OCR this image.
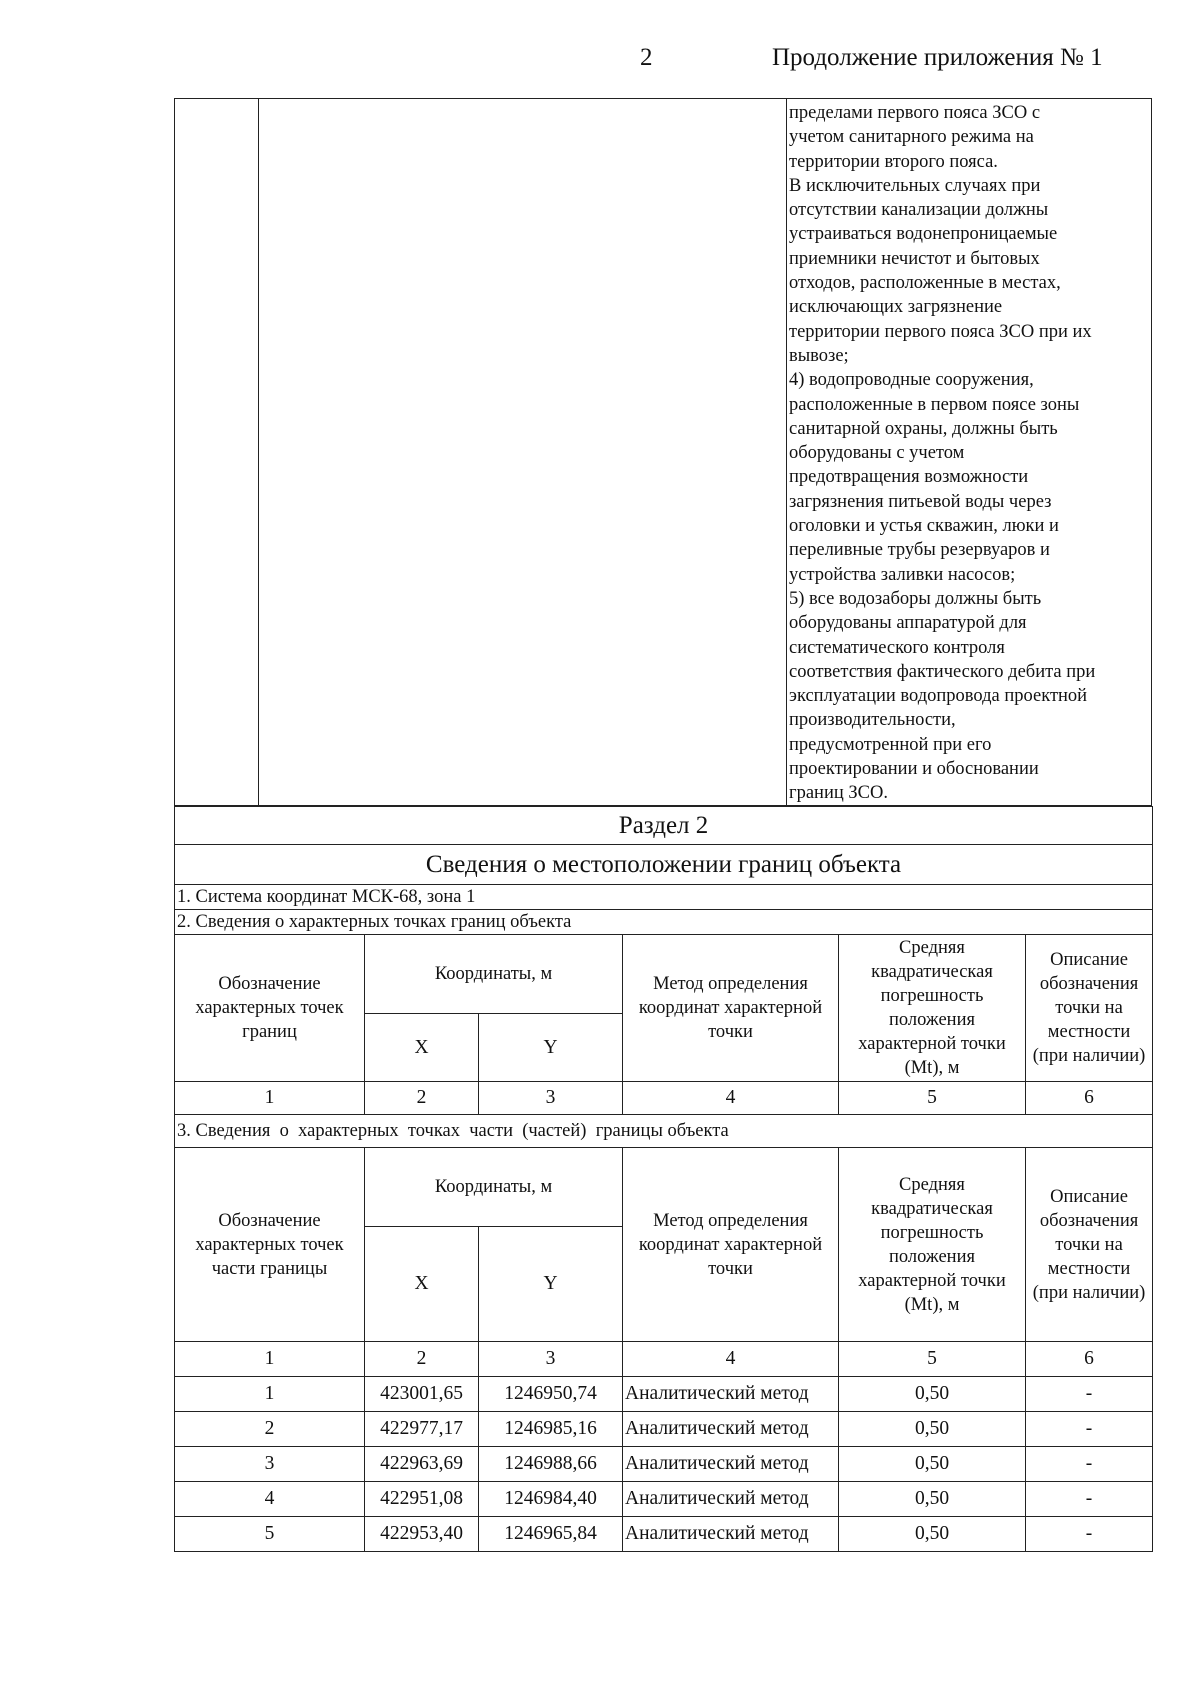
2	Продолжение приложения № 1
пределами первого пояса ЗСО с
учетом санитарного режима на
территории второго пояса.
В исключительных случаях при
отсутствии канализации должны
устраиваться водонепроницаемые
приемники нечистот и бытовых
отходов, расположенные в местах,
исключающих загрязнение
территории первого пояса ЗСО при их
вывозе;
4) водопроводные сооружения,
расположенные в первом поясе зоны
санитарной охраны, должны быть
оборудованы с учетом
предотвращения возможности
загрязнения питьевой воды через
оголовки и устья скважин, люки и
переливные трубы резервуаров и
устройства заливки насосов;
5) все водозаборы должны быть
оборудованы аппаратурой для
систематического контроля
соответствия фактического дебита при
эксплуатации водопровода проектной
производительности,
предусмотренной при его
проектировании и обосновании
границ ЗСО.
Раздел 2					
Сведения о местоположении границ объекта					
1. Система координат МСК-68, зона 1					
2. Сведения о характерных точках границ объекта					
Обозначение характерных точек границ	Координаты, м		Метод определения координат характерной точки	Средняя квадратическая погрешность положения характерной точки (Mt), м	Описание обозначения точки на местности (при наличии)
	X	Y			
1	2	3	4	5	6
3. Сведения  о  характерных  точках  части  (частей)  границы объекта					
Обозначение характерных точек части границы	Координаты, м		Метод определения координат характерной точки	Средняя квадратическая погрешность положения характерной точки (Mt), м	Описание обозначения точки на местности (при наличии)
	X	Y			
1	2	3	4	5	6
1	423001,65	1246950,74	Аналитический метод	0,50	-
2	422977,17	1246985,16	Аналитический метод	0,50	-
3	422963,69	1246988,66	Аналитический метод	0,50	-
4	422951,08	1246984,40	Аналитический метод	0,50	-
5	422953,40	1246965,84	Аналитический метод	0,50	-
